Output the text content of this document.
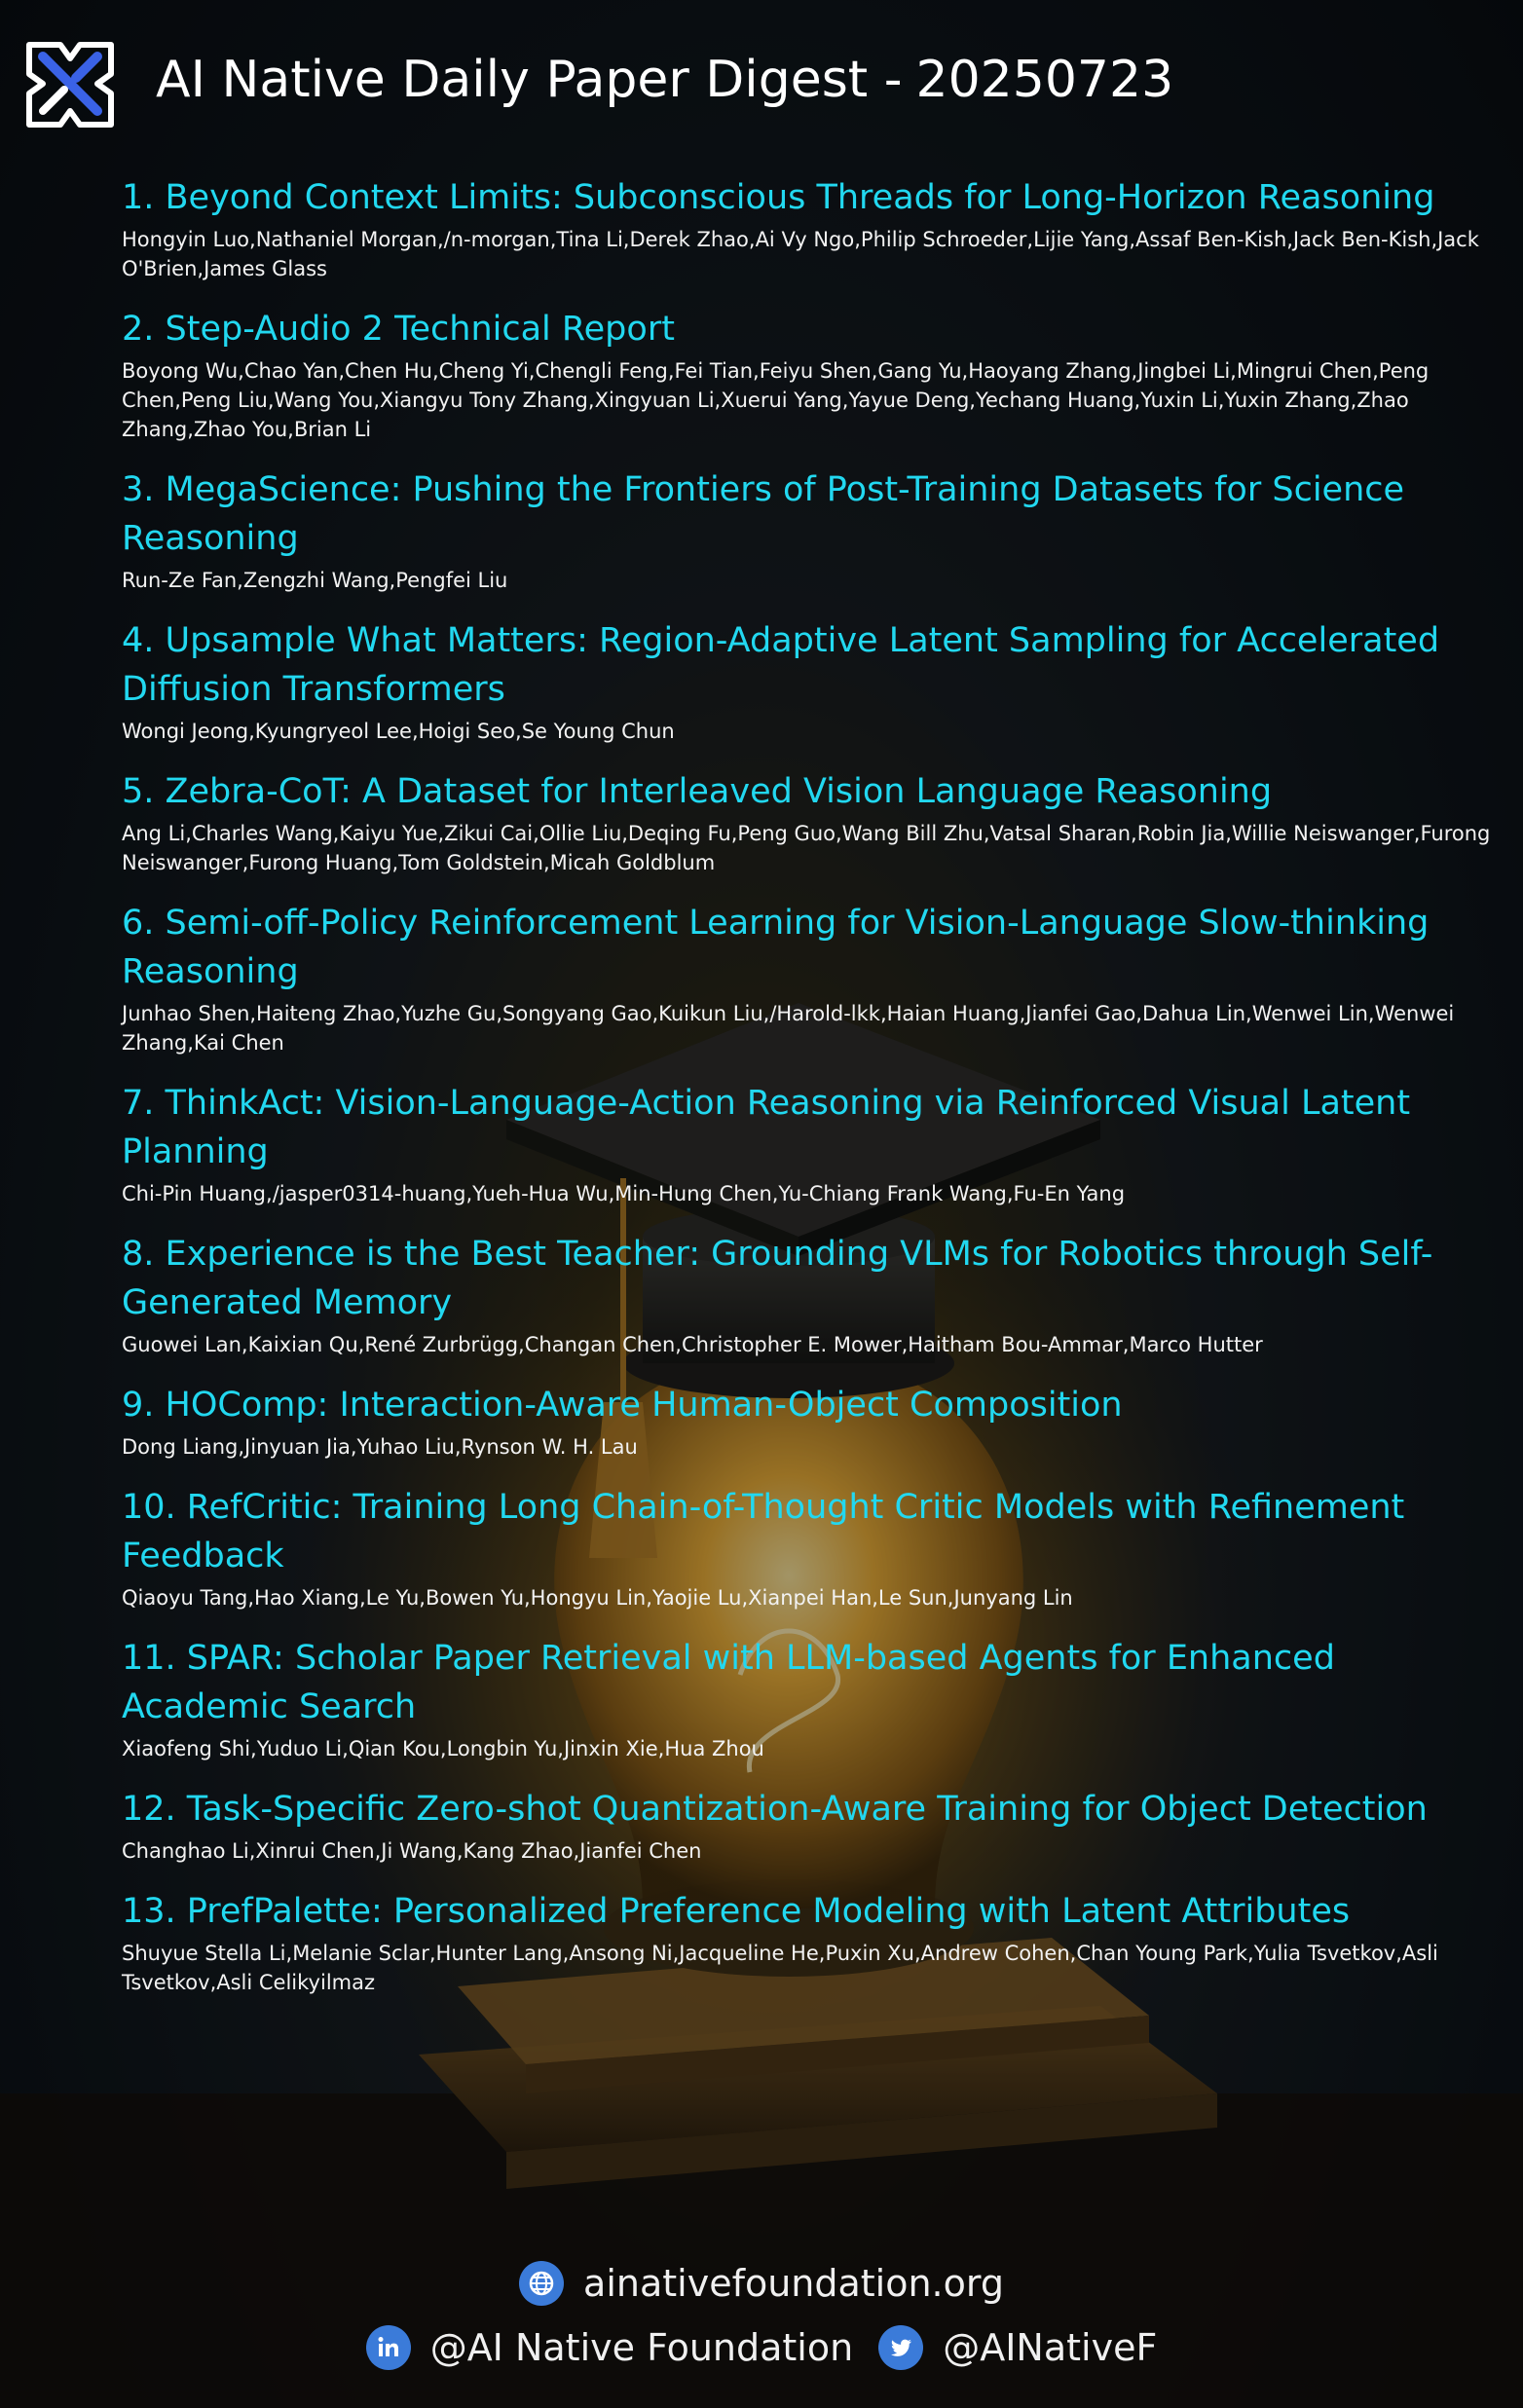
AI Native Daily Paper Digest - 20250723
1. Beyond Context Limits: Subconscious Threads for Long-Horizon Reasoning
Hongyin Luo,Nathaniel Morgan,/n-morgan,Tina Li,Derek Zhao,Ai Vy Ngo,Philip Schroeder,Lijie Yang,Assaf Ben-Kish,Jack Ben-Kish,Jack O'Brien,James Glass
2. Step-Audio 2 Technical Report
Boyong Wu,Chao Yan,Chen Hu,Cheng Yi,Chengli Feng,Fei Tian,Feiyu Shen,Gang Yu,Haoyang Zhang,Jingbei Li,Mingrui Chen,Peng Chen,Peng Liu,Wang You,Xiangyu Tony Zhang,Xingyuan Li,Xuerui Yang,Yayue Deng,Yechang Huang,Yuxin Li,Yuxin Zhang,Zhao Zhang,Zhao You,Brian Li
3. MegaScience: Pushing the Frontiers of Post-Training Datasets for Science Reasoning
Run-Ze Fan,Zengzhi Wang,Pengfei Liu
4. Upsample What Matters: Region-Adaptive Latent Sampling for Accelerated Diffusion Transformers
Wongi Jeong,Kyungryeol Lee,Hoigi Seo,Se Young Chun
5. Zebra-CoT: A Dataset for Interleaved Vision Language Reasoning
Ang Li,Charles Wang,Kaiyu Yue,Zikui Cai,Ollie Liu,Deqing Fu,Peng Guo,Wang Bill Zhu,Vatsal Sharan,Robin Jia,Willie Neiswanger,Furong Neiswanger,Furong Huang,Tom Goldstein,Micah Goldblum
6. Semi-off-Policy Reinforcement Learning for Vision-Language Slow-thinking Reasoning
Junhao Shen,Haiteng Zhao,Yuzhe Gu,Songyang Gao,Kuikun Liu,/Harold-lkk,Haian Huang,Jianfei Gao,Dahua Lin,Wenwei Lin,Wenwei Zhang,Kai Chen
7. ThinkAct: Vision-Language-Action Reasoning via Reinforced Visual Latent Planning
Chi-Pin Huang,/jasper0314-huang,Yueh-Hua Wu,Min-Hung Chen,Yu-Chiang Frank Wang,Fu-En Yang
8. Experience is the Best Teacher: Grounding VLMs for Robotics through Self-Generated Memory
Guowei Lan,Kaixian Qu,René Zurbrügg,Changan Chen,Christopher E. Mower,Haitham Bou-Ammar,Marco Hutter
9. HOComp: Interaction-Aware Human-Object Composition
Dong Liang,Jinyuan Jia,Yuhao Liu,Rynson W. H. Lau
10. RefCritic: Training Long Chain-of-Thought Critic Models with Refinement Feedback
Qiaoyu Tang,Hao Xiang,Le Yu,Bowen Yu,Hongyu Lin,Yaojie Lu,Xianpei Han,Le Sun,Junyang Lin
11. SPAR: Scholar Paper Retrieval with LLM-based Agents for Enhanced Academic Search
Xiaofeng Shi,Yuduo Li,Qian Kou,Longbin Yu,Jinxin Xie,Hua Zhou
12. Task-Specific Zero-shot Quantization-Aware Training for Object Detection
Changhao Li,Xinrui Chen,Ji Wang,Kang Zhao,Jianfei Chen
13. PrefPalette: Personalized Preference Modeling with Latent Attributes
Shuyue Stella Li,Melanie Sclar,Hunter Lang,Ansong Ni,Jacqueline He,Puxin Xu,Andrew Cohen,Chan Young Park,Yulia Tsvetkov,Asli Tsvetkov,Asli Celikyilmaz
ainativefoundation.org
@AI Native Foundation @AINativeF
